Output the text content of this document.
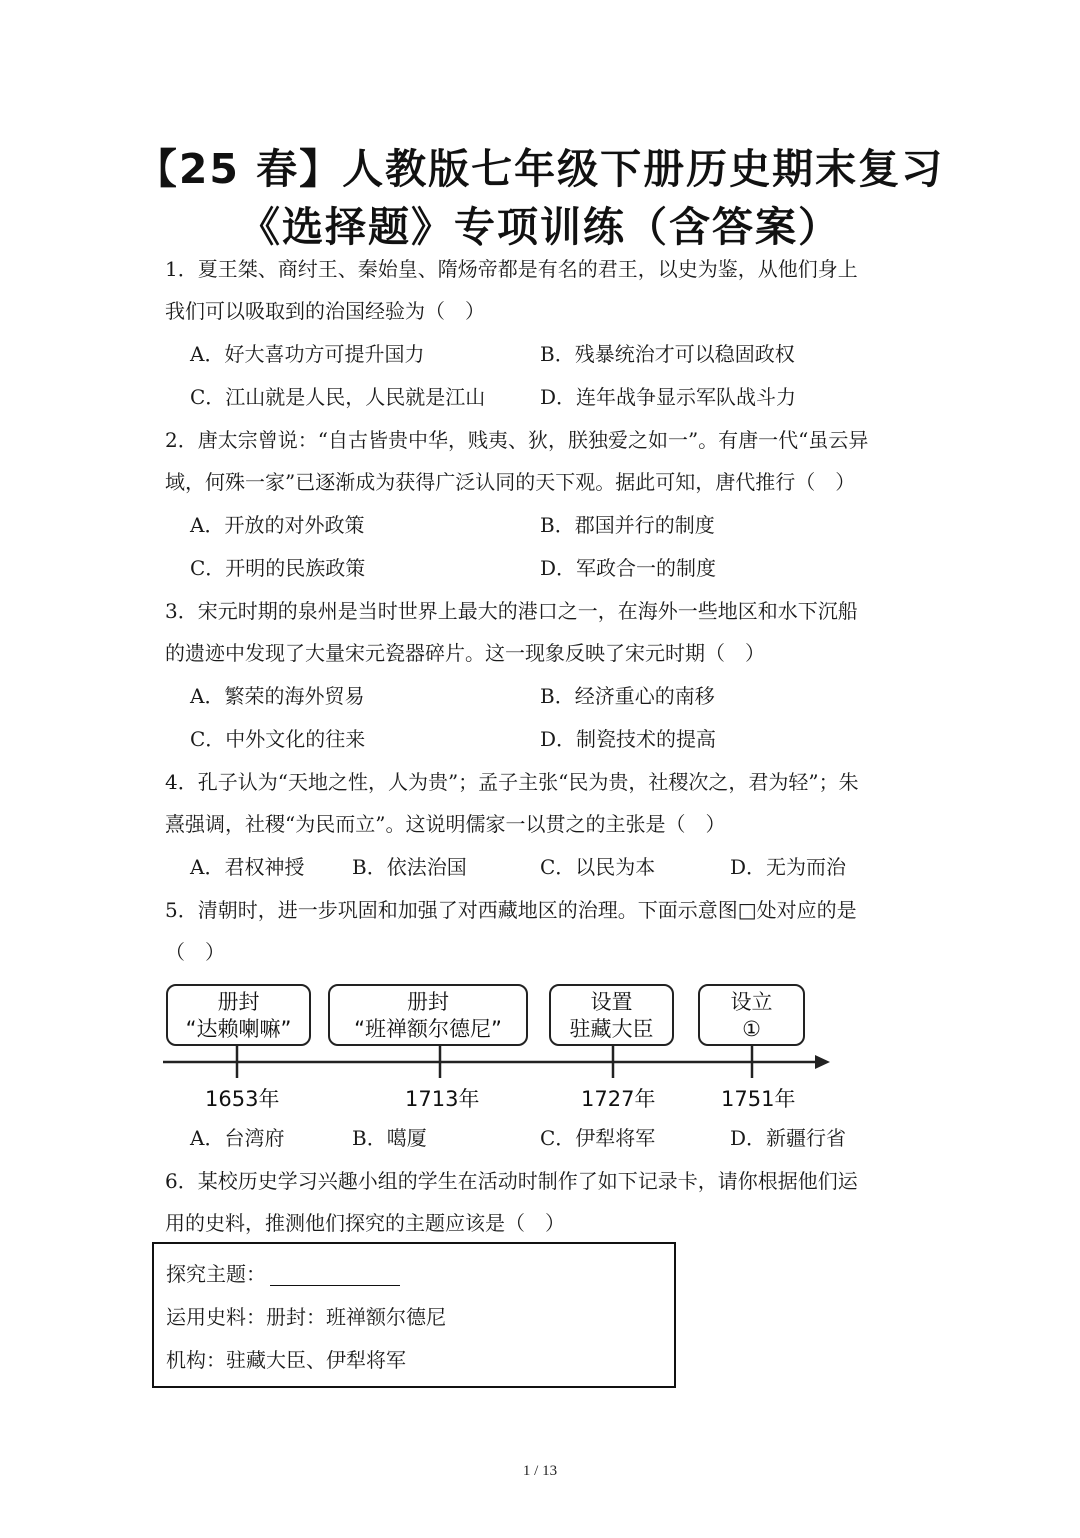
【25 春】人教版七年级下册历史期末复习
《选择题》专项训练（含答案）
1．夏王桀、商纣王、秦始皇、隋炀帝都是有名的君王，以史为鉴，从他们身上
我们可以吸取到的治国经验为（　）
A．好大喜功方可提升国力	B．残暴统治才可以稳固政权
C．江山就是人民，人民就是江山	D．连年战争显示军队战斗力
2．唐太宗曾说：“自古皆贵中华，贱夷、狄，朕独爱之如一”。有唐一代“虽云异
域，何殊一家”已逐渐成为获得广泛认同的天下观。据此可知，唐代推行（　）
A．开放的对外政策	B．郡国并行的制度
C．开明的民族政策	D．军政合一的制度
3．宋元时期的泉州是当时世界上最大的港口之一，在海外一些地区和水下沉船
的遗迹中发现了大量宋元瓷器碎片。这一现象反映了宋元时期（　）
A．繁荣的海外贸易	B．经济重心的南移
C．中外文化的往来	D．制瓷技术的提高
4．孔子认为“天地之性，人为贵”；孟子主张“民为贵，社稷次之，君为轻”；朱
熹强调，社稷“为民而立”。这说明儒家一以贯之的主张是（　）
A．君权神授 B．依法治国	C．以民为本	D．无为而治
5．清朝时，进一步巩固和加强了对西藏地区的治理。下面示意图□处对应的是
（　）
册封
“达赖喇嘛”
册封
“班禅额尔德尼”
设置
驻藏大臣
设立
①
1653年	1713年	1727年	1751年
A．台湾府	B．噶厦	C．伊犁将军	D．新疆行省
6．某校历史学习兴趣小组的学生在活动时制作了如下记录卡，请你根据他们运
用的史料，推测他们探究的主题应该是（　）
探究主题：
运用史料：册封：班禅额尔德尼
机构：驻藏大臣、伊犁将军
1 / 13
